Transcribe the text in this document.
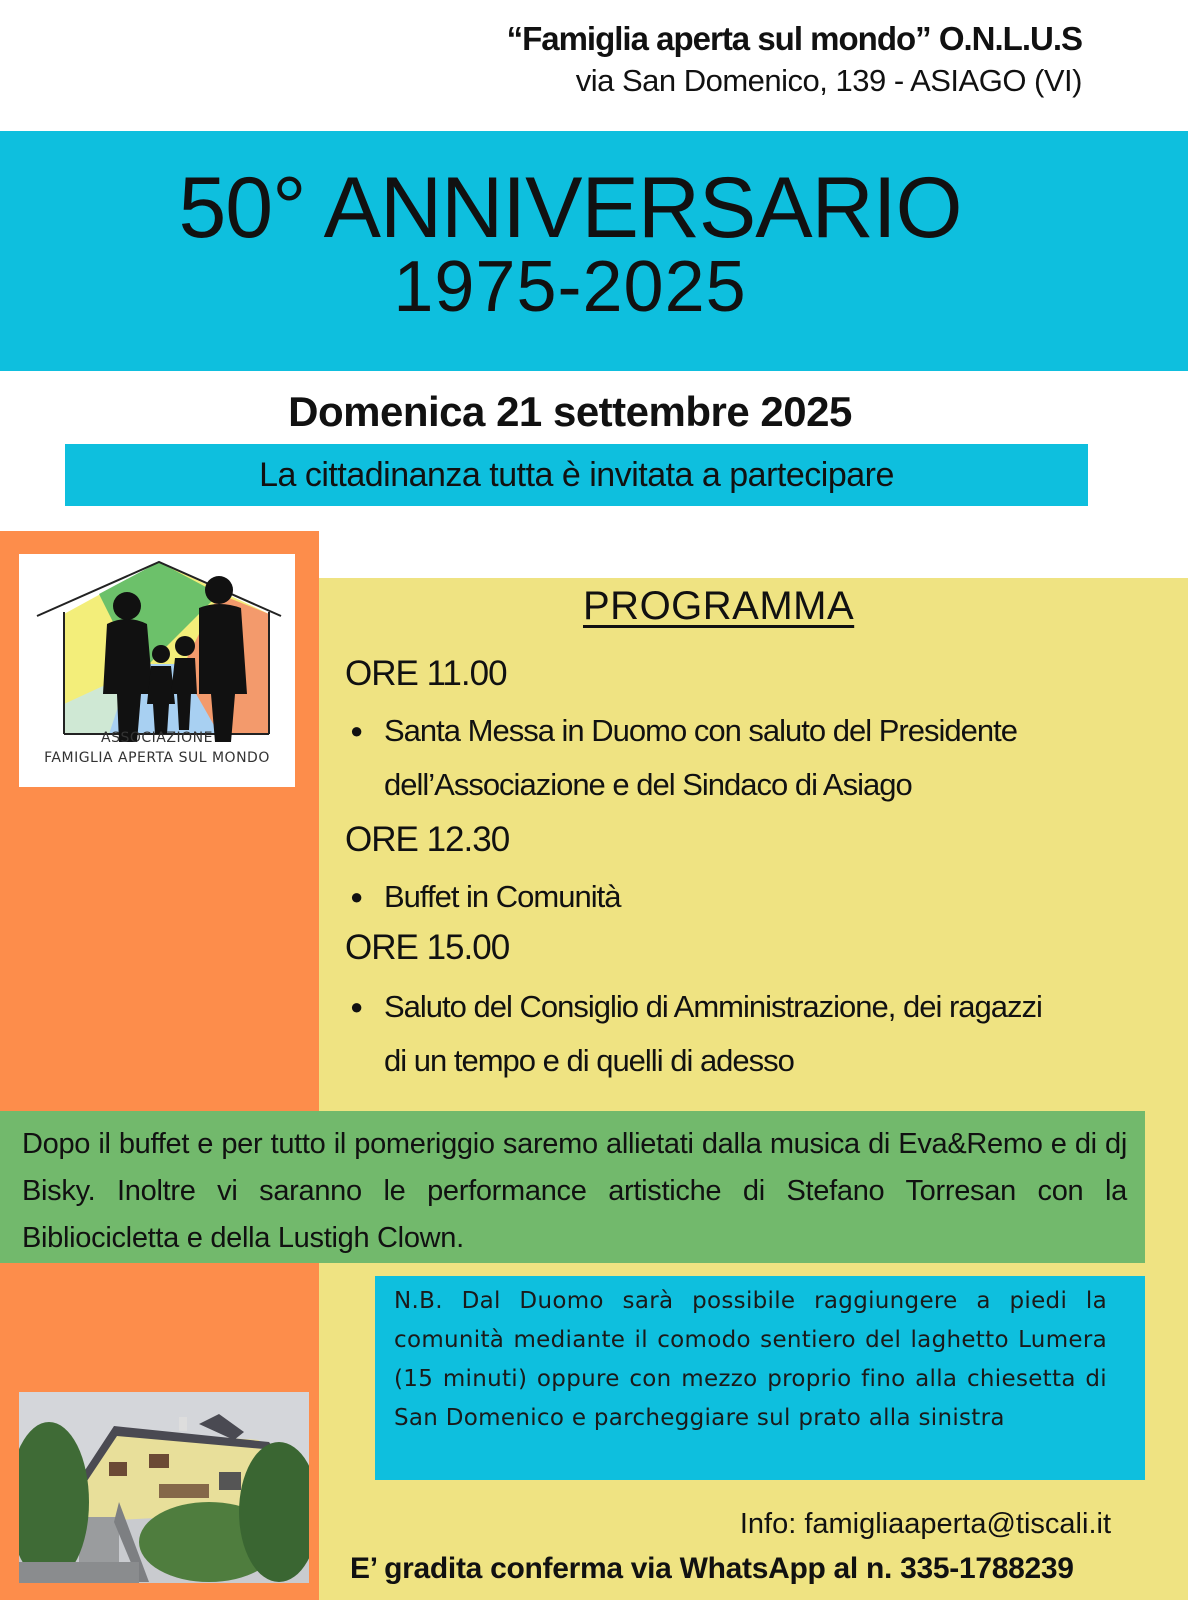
“Famiglia aperta sul mondo” O.N.L.U.S
via San Domenico, 139 - ASIAGO (VI)
50° ANNIVERSARIO
1975-2025
Domenica 21 settembre 2025
La cittadinanza tutta è invitata a partecipare
ASSOCIAZIONE
FAMIGLIA APERTA SUL MONDO
PROGRAMMA
ORE 11.00
● Santa Messa in Duomo con saluto del Presidente
dell’Associazione e del Sindaco di Asiago
ORE 12.30
● Buffet in Comunità
ORE 15.00
● Saluto del Consiglio di Amministrazione, dei ragazzi
di un tempo e di quelli di adesso
Dopo il buffet e per tutto il pomeriggio saremo allietati dalla musica di Eva&Remo e di dj Bisky. Inoltre vi saranno le performance artistiche di Stefano Torresan con la Bibliocicletta e della Lustigh Clown.
N.B. Dal Duomo sarà possibile raggiungere a piedi la comunità mediante il comodo sentiero del laghetto Lumera (15 minuti) oppure con mezzo proprio fino alla chiesetta di San Domenico e parcheggiare sul prato alla sinistra
Info: famigliaaperta@tiscali.it
E’ gradita conferma via WhatsApp al n. 335-1788239
